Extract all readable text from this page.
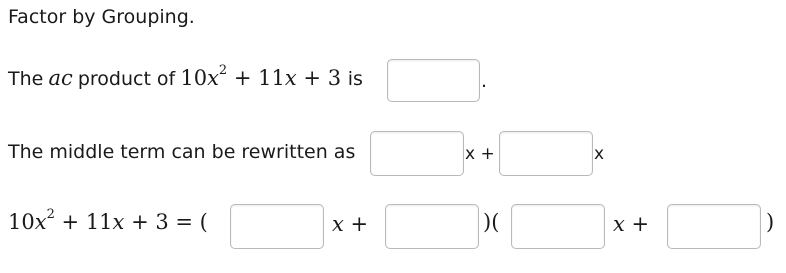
Factor by Grouping.
The ac product of $10x^2 + 11x + 3$ is	.
The middle term can be rewritten as	x +	x
$10x^2 + 11x + 3$ = (	x +	)(	x +	)
